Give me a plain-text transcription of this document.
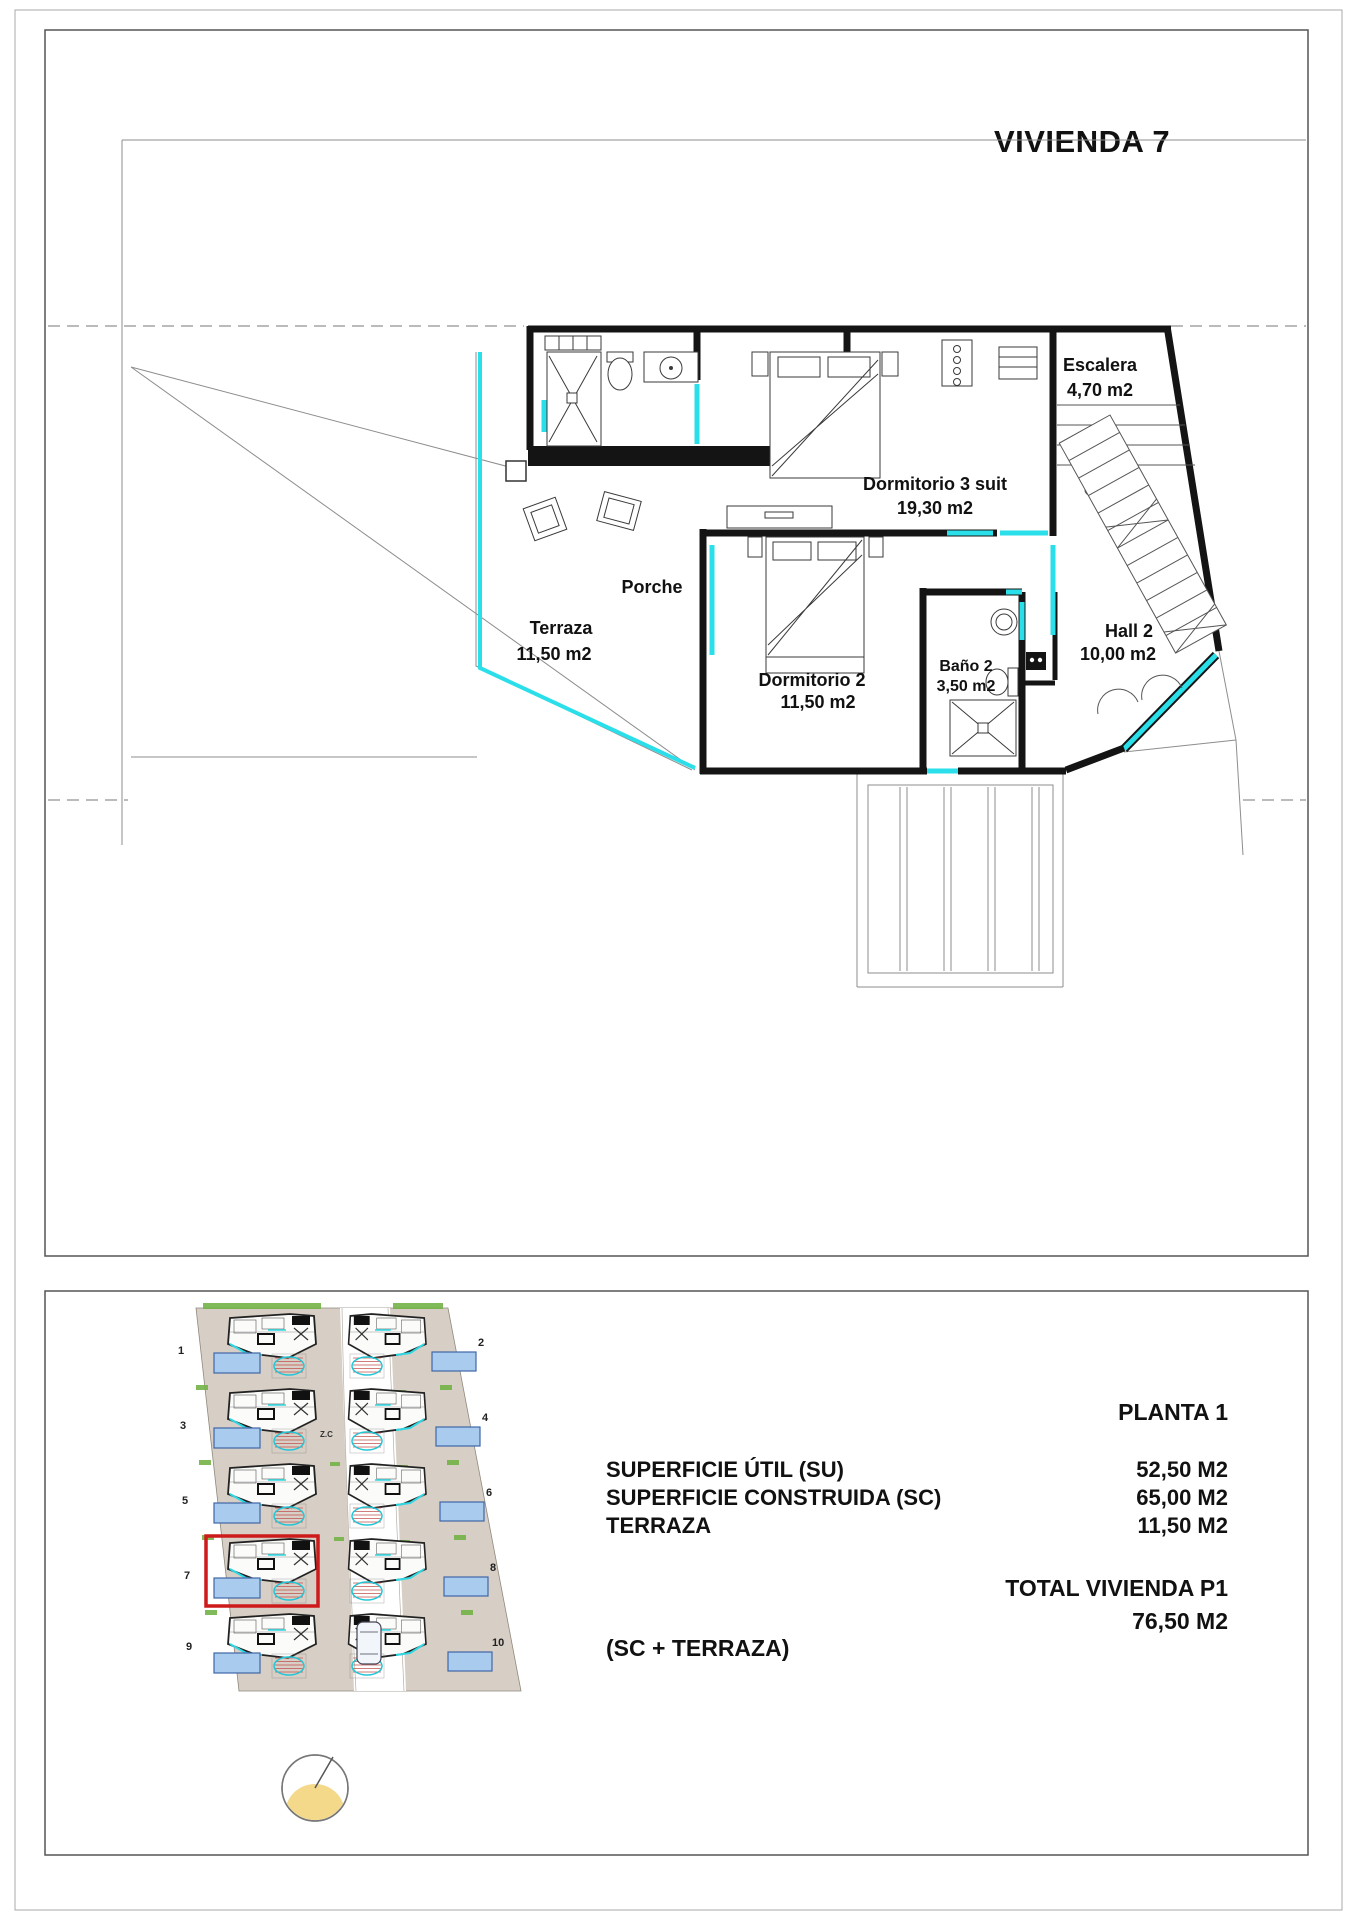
VIVIENDA 7
Escalera
4,70 m2
Dormitorio 3 suit
19,30 m2
Porche
Terraza
11,50 m2
Dormitorio 2
11,50 m2
Baño 2
3,50 m2
Hall 2
10,00 m2
1
3
5
7
9
2
4
6
8
10
Z.C
PLANTA 1
SUPERFICIE ÚTIL (SU)	52,50 M2
SUPERFICIE CONSTRUIDA (SC)	65,00 M2
TERRAZA	11,50 M2
TOTAL VIVIENDA P1
76,50 M2
(SC + TERRAZA)
